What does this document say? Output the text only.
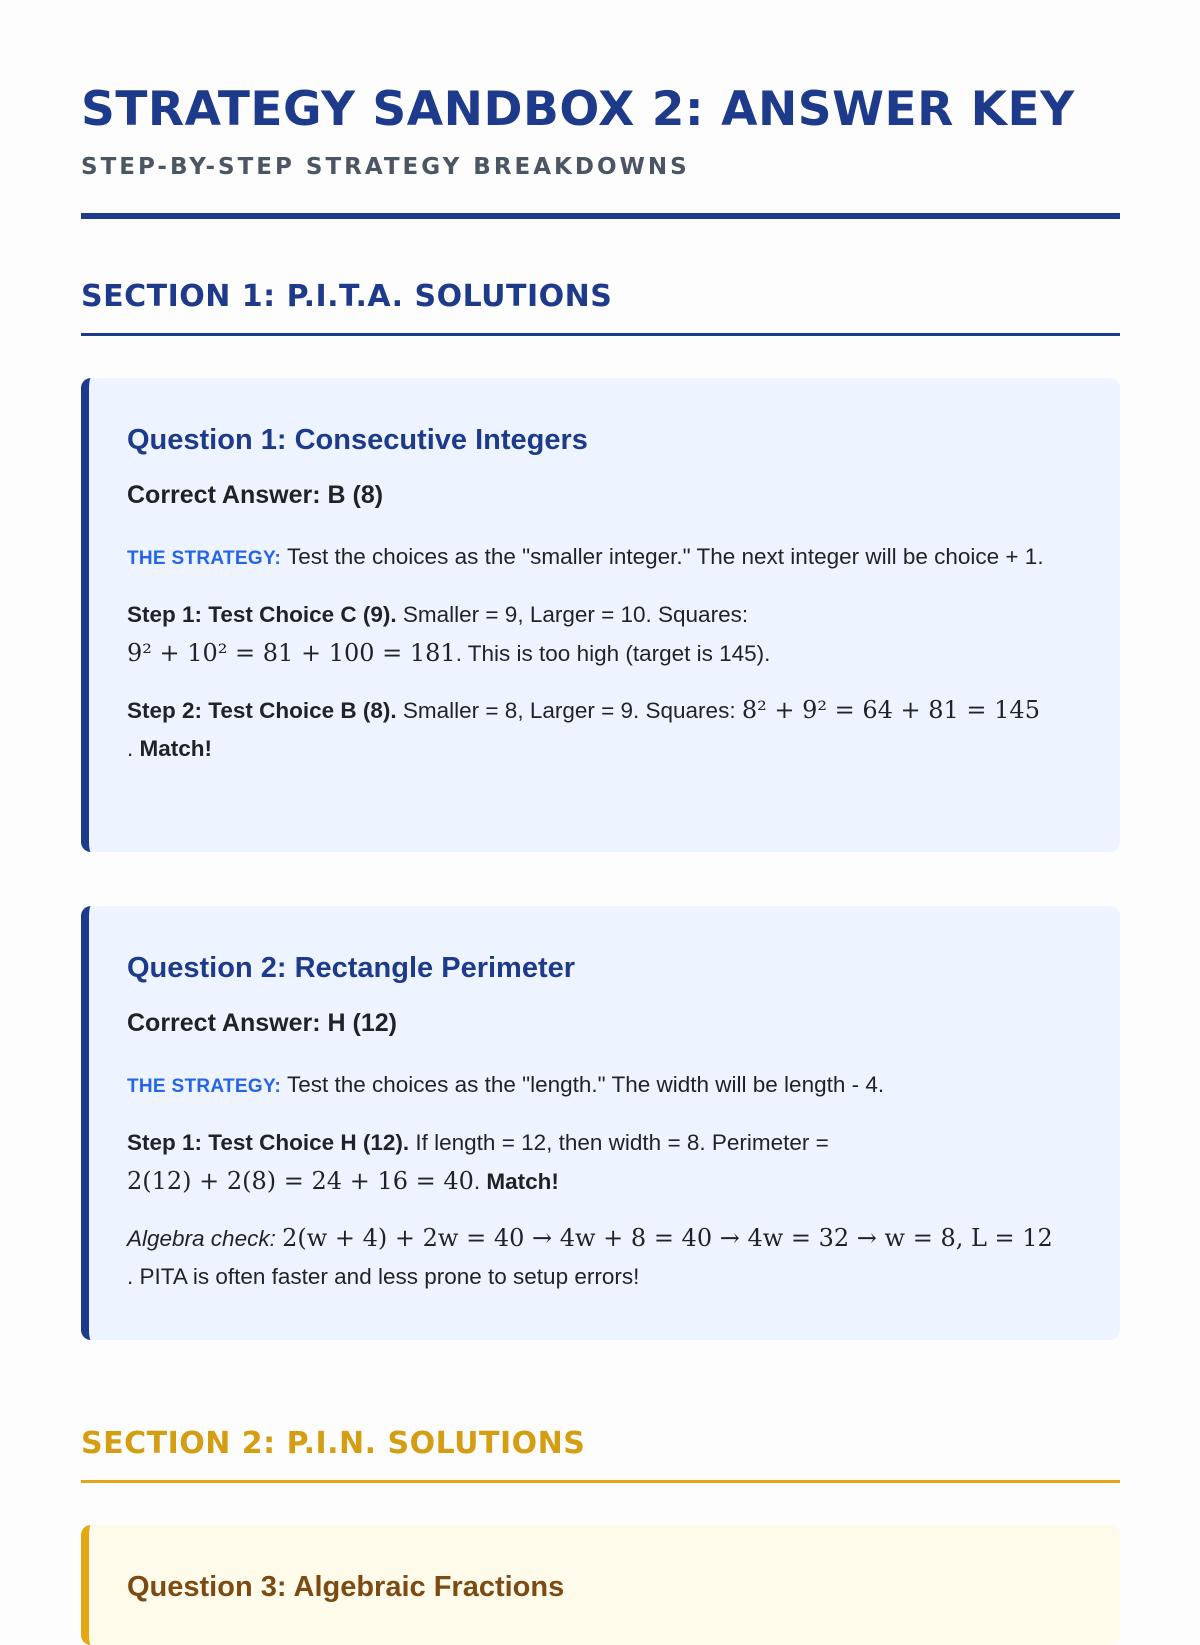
STRATEGY SANDBOX 2: ANSWER KEY
STEP-BY-STEP STRATEGY BREAKDOWNS
SECTION 1: P.I.T.A. SOLUTIONS
Question 1: Consecutive Integers

Correct Answer: B (8)

THE STRATEGY: Test the choices as the "smaller integer." The next integer will be choice + 1.

Step 1: Test Choice C (9). Smaller = 9, Larger = 10. Squares:
9² + 10² = 81 + 100 = 181. This is too high (target is 145).

Step 2: Test Choice B (8). Smaller = 8, Larger = 9. Squares: 8² + 9² = 64 + 81 = 145
. Match!

Question 2: Rectangle Perimeter

Correct Answer: H (12)

THE STRATEGY: Test the choices as the "length." The width will be length - 4.

Step 1: Test Choice H (12). If length = 12, then width = 8. Perimeter =
2(12) + 2(8) = 24 + 16 = 40. Match!

Algebra check: 2(w + 4) + 2w = 40 → 4w + 8 = 40 → 4w = 32 → w = 8, L = 12
. PITA is often faster and less prone to setup errors!

SECTION 2: P.I.N. SOLUTIONS
Question 3: Algebraic Fractions
